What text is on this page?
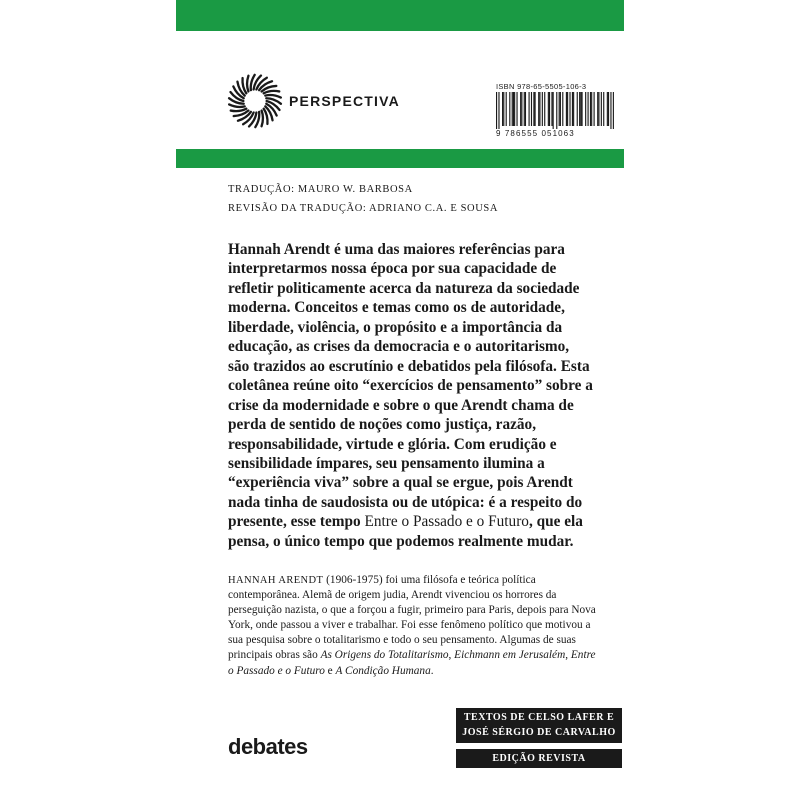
PERSPECTIVA
ISBN 978-65-5505-106-3
9 786555 051063
TRADUÇÃO: MAURO W. BARBOSA
REVISÃO DA TRADUÇÃO: ADRIANO C.A. E SOUSA
Hannah Arendt é uma das maiores referências para interpretarmos nossa época por sua capacidade de refletir politicamente acerca da natureza da sociedade moderna. Conceitos e temas como os de autoridade, liberdade, violência, o propósito e a importância da educação, as crises da democracia e o autoritarismo, são trazidos ao escrutínio e debatidos pela filósofa. Esta coletânea reúne oito “exercícios de pensamento” sobre a crise da modernidade e sobre o que Arendt chama de perda de sentido de noções como justiça, razão, responsabilidade, virtude e glória. Com erudição e sensibilidade ímpares, seu pensamento ilumina a “experiência viva” sobre a qual se ergue, pois Arendt nada tinha de saudosista ou de utópica: é a respeito do presente, esse tempo Entre o Passado e o Futuro, que ela pensa, o único tempo que podemos realmente mudar.
HANNAH ARENDT (1906-1975) foi uma filósofa e teórica política contemporânea. Alemã de origem judia, Arendt vivenciou os horrores da perseguição nazista, o que a forçou a fugir, primeiro para Paris, depois para Nova York, onde passou a viver e trabalhar. Foi esse fenômeno político que motivou a sua pesquisa sobre o totalitarismo e todo o seu pensamento. Algumas de suas principais obras são As Origens do Totalitarismo, Eichmann em Jerusalém, Entre o Passado e o Futuro e A Condição Humana.
debates
TEXTOS DE CELSO LAFER E
JOSÉ SÉRGIO DE CARVALHO
EDIÇÃO REVISTA
